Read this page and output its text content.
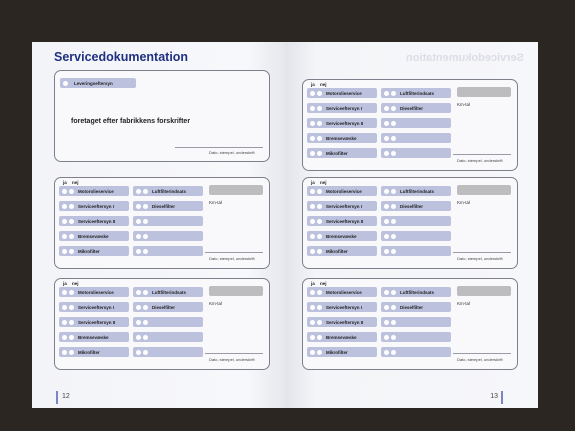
Servicedokumentation
Leveringseftersyn
foretaget efter fabrikkens forskrifter
Dato, stempel, underskrift
ja nej
Motorolieservice	Luftfilterindsats
Serviceeftersyn I	Dieselfilter
Serviceeftersyn II
Bremsevæske
Mikrofilter
Km-tal
Dato, stempel, underskrift
ja nej
Motorolieservice	Luftfilterindsats
Serviceeftersyn I	Dieselfilter
Serviceeftersyn II
Bremsevæske
Mikrofilter
Km-tal
Dato, stempel, underskrift
12
Servicedokumentation
ja nej
Motorolieservice	Luftfilterindsats
Serviceeftersyn I	Dieselfilter
Serviceeftersyn II
Bremsevæske
Mikrofilter
Km-tal
Dato, stempel, underskrift
ja nej
Motorolieservice	Luftfilterindsats
Serviceeftersyn I	Dieselfilter
Serviceeftersyn II
Bremsevæske
Mikrofilter
Km-tal
Dato, stempel, underskrift
ja nej
Motorolieservice	Luftfilterindsats
Serviceeftersyn I	Dieselfilter
Serviceeftersyn II
Bremsevæske
Mikrofilter
Km-tal
Dato, stempel, underskrift
13
